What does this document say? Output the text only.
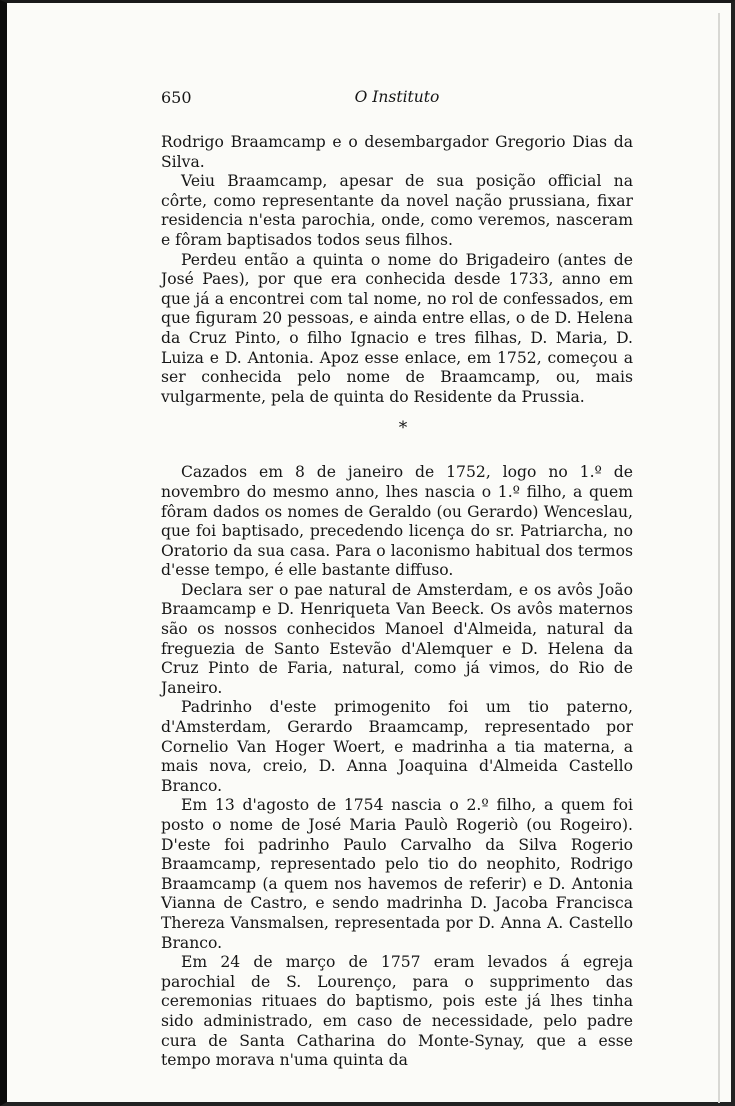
650	O Instituto

Rodrigo Braamcamp e o desembargador Gregorio Dias da Silva.

Veiu Braamcamp, apesar de sua posição official na côrte, como representante da novel nação prussiana, fixar residencia n'esta parochia, onde, como veremos, nasceram e fôram baptisados todos seus filhos.

Perdeu então a quinta o nome do Brigadeiro (antes de José Paes), por que era conhecida desde 1733, anno em que já a encontrei com tal nome, no rol de confessados, em que figuram 20 pessoas, e ainda entre ellas, o de D. Helena da Cruz Pinto, o filho Ignacio e tres filhas, D. Maria, D. Luiza e D. Antonia. Apoz esse enlace, em 1752, começou a ser conhecida pelo nome de Braamcamp, ou, mais vulgarmente, pela de quinta do Residente da Prussia.

*

Cazados em 8 de janeiro de 1752, logo no 1.º de novembro do mesmo anno, lhes nascia o 1.º filho, a quem fôram dados os nomes de Geraldo (ou Gerardo) Wenceslau, que foi baptisado, precedendo licença do sr. Patriarcha, no Oratorio da sua casa. Para o laconismo habitual dos termos d'esse tempo, é elle bastante diffuso.

Declara ser o pae natural de Amsterdam, e os avôs João Braamcamp e D. Henriqueta Van Beeck. Os avôs maternos são os nossos conhecidos Manoel d'Almeida, natural da freguezia de Santo Estevão d'Alemquer e D. Helena da Cruz Pinto de Faria, natural, como já vimos, do Rio de Janeiro.

Padrinho d'este primogenito foi um tio paterno, d'Amsterdam, Gerardo Braamcamp, representado por Cornelio Van Hoger Woert, e madrinha a tia materna, a mais nova, creio, D. Anna Joaquina d'Almeida Castello Branco.

Em 13 d'agosto de 1754 nascia o 2.º filho, a quem foi posto o nome de José Maria Paulò Rogeriò (ou Rogeiro). D'este foi padrinho Paulo Carvalho da Silva Rogerio Braamcamp, representado pelo tio do neophito, Rodrigo Braamcamp (a quem nos havemos de referir) e D. Antonia Vianna de Castro, e sendo madrinha D. Jacoba Francisca Thereza Vansmalsen, representada por D. Anna A. Castello Branco.

Em 24 de março de 1757 eram levados á egreja parochial de S. Lourenço, para o supprimento das ceremonias rituaes do baptismo, pois este já lhes tinha sido administrado, em caso de necessidade, pelo padre cura de Santa Catharina do Monte-Synay, que a esse tempo morava n'uma quinta da
